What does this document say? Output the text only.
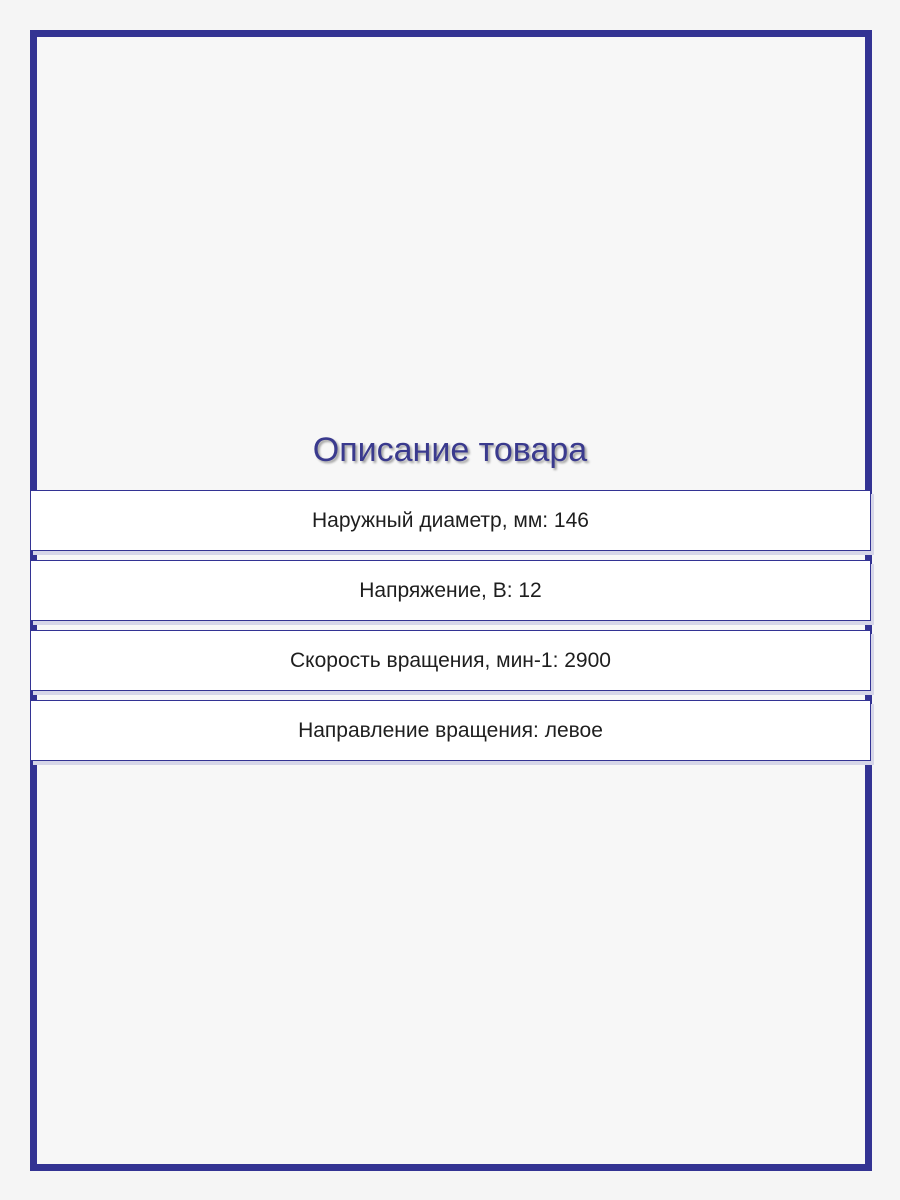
Описание товара
Наружный диаметр, мм: 146
Напряжение, В: 12
Скорость вращения, мин-1: 2900
Направление вращения: левое
